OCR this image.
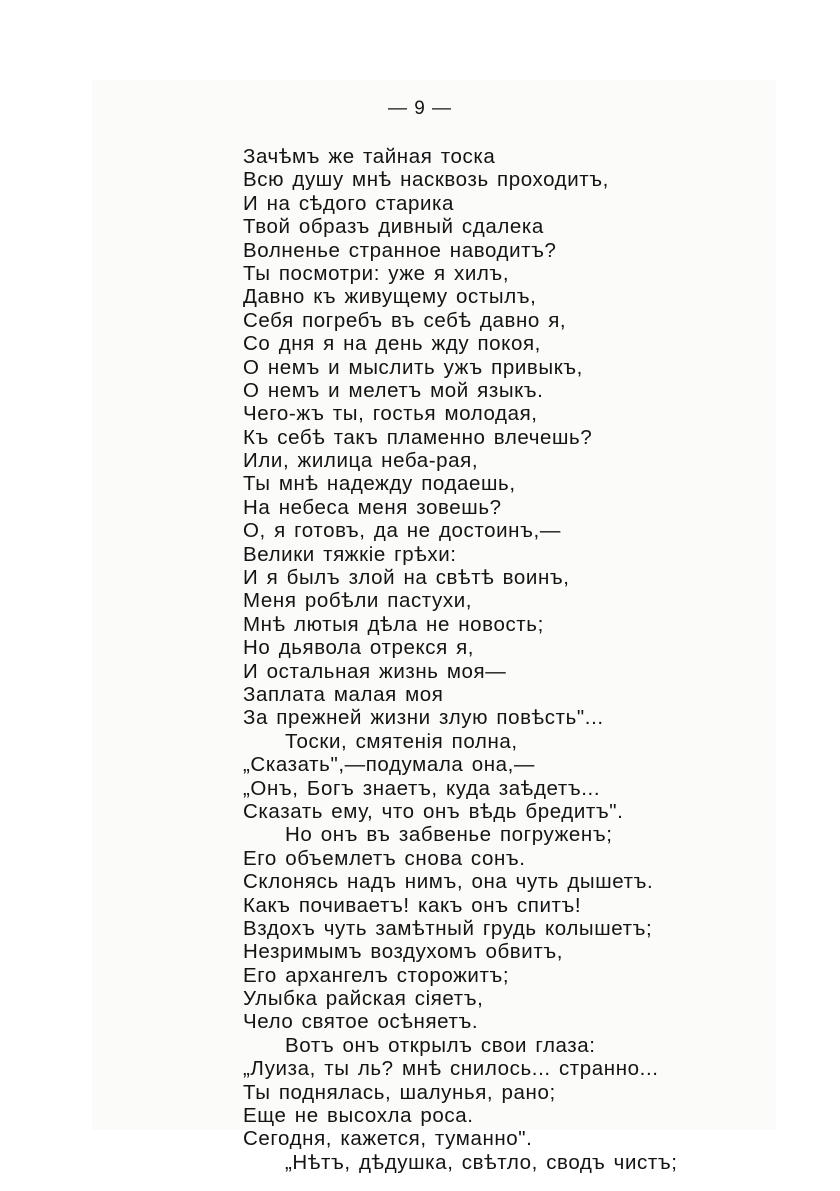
— 9 —

Зачѣмъ же тайная тоска
Всю душу мнѣ насквозь проходитъ,
И на сѣдого старика
Твой образъ дивный сдалека
Волненье странное наводитъ?
Ты посмотри: уже я хилъ,
Давно къ живущему остылъ,
Себя погребъ въ себѣ давно я,
Со дня я на день жду покоя,
О немъ и мыслить ужъ привыкъ,
О немъ и мелетъ мой языкъ.
Чего-жъ ты, гостья молодая,
Къ себѣ такъ пламенно влечешь?
Или, жилица неба-рая,
Ты мнѣ надежду подаешь,
На небеса меня зовешь?
О, я готовъ, да не достоинъ,—
Велики тяжкіе грѣхи:
И я былъ злой на свѣтѣ воинъ,
Меня робѣли пастухи,
Мнѣ лютыя дѣла не новость;
Но дьявола отрекся я,
И остальная жизнь моя—
Заплата малая моя
За прежней жизни злую повѣсть"...
Тоски, смятенія полна,
„Сказать",—подумала она,—
„Онъ, Богъ знаетъ, куда заѣдетъ...
Сказать ему, что онъ вѣдь бредитъ".
Но онъ въ забвенье погруженъ;
Его объемлетъ снова сонъ.
Склонясь надъ нимъ, она чуть дышетъ.
Какъ почиваетъ! какъ онъ спитъ!
Вздохъ чуть замѣтный грудь колышетъ;
Незримымъ воздухомъ обвитъ,
Его архангелъ сторожитъ;
Улыбка райская сіяетъ,
Чело святое осѣняетъ.
Вотъ онъ открылъ свои глаза:
„Луиза, ты ль? мнѣ снилось... странно...
Ты поднялась, шалунья, рано;
Еще не высохла роса.
Сегодня, кажется, туманно".
„Нѣтъ, дѣдушка, свѣтло, сводъ чистъ;
